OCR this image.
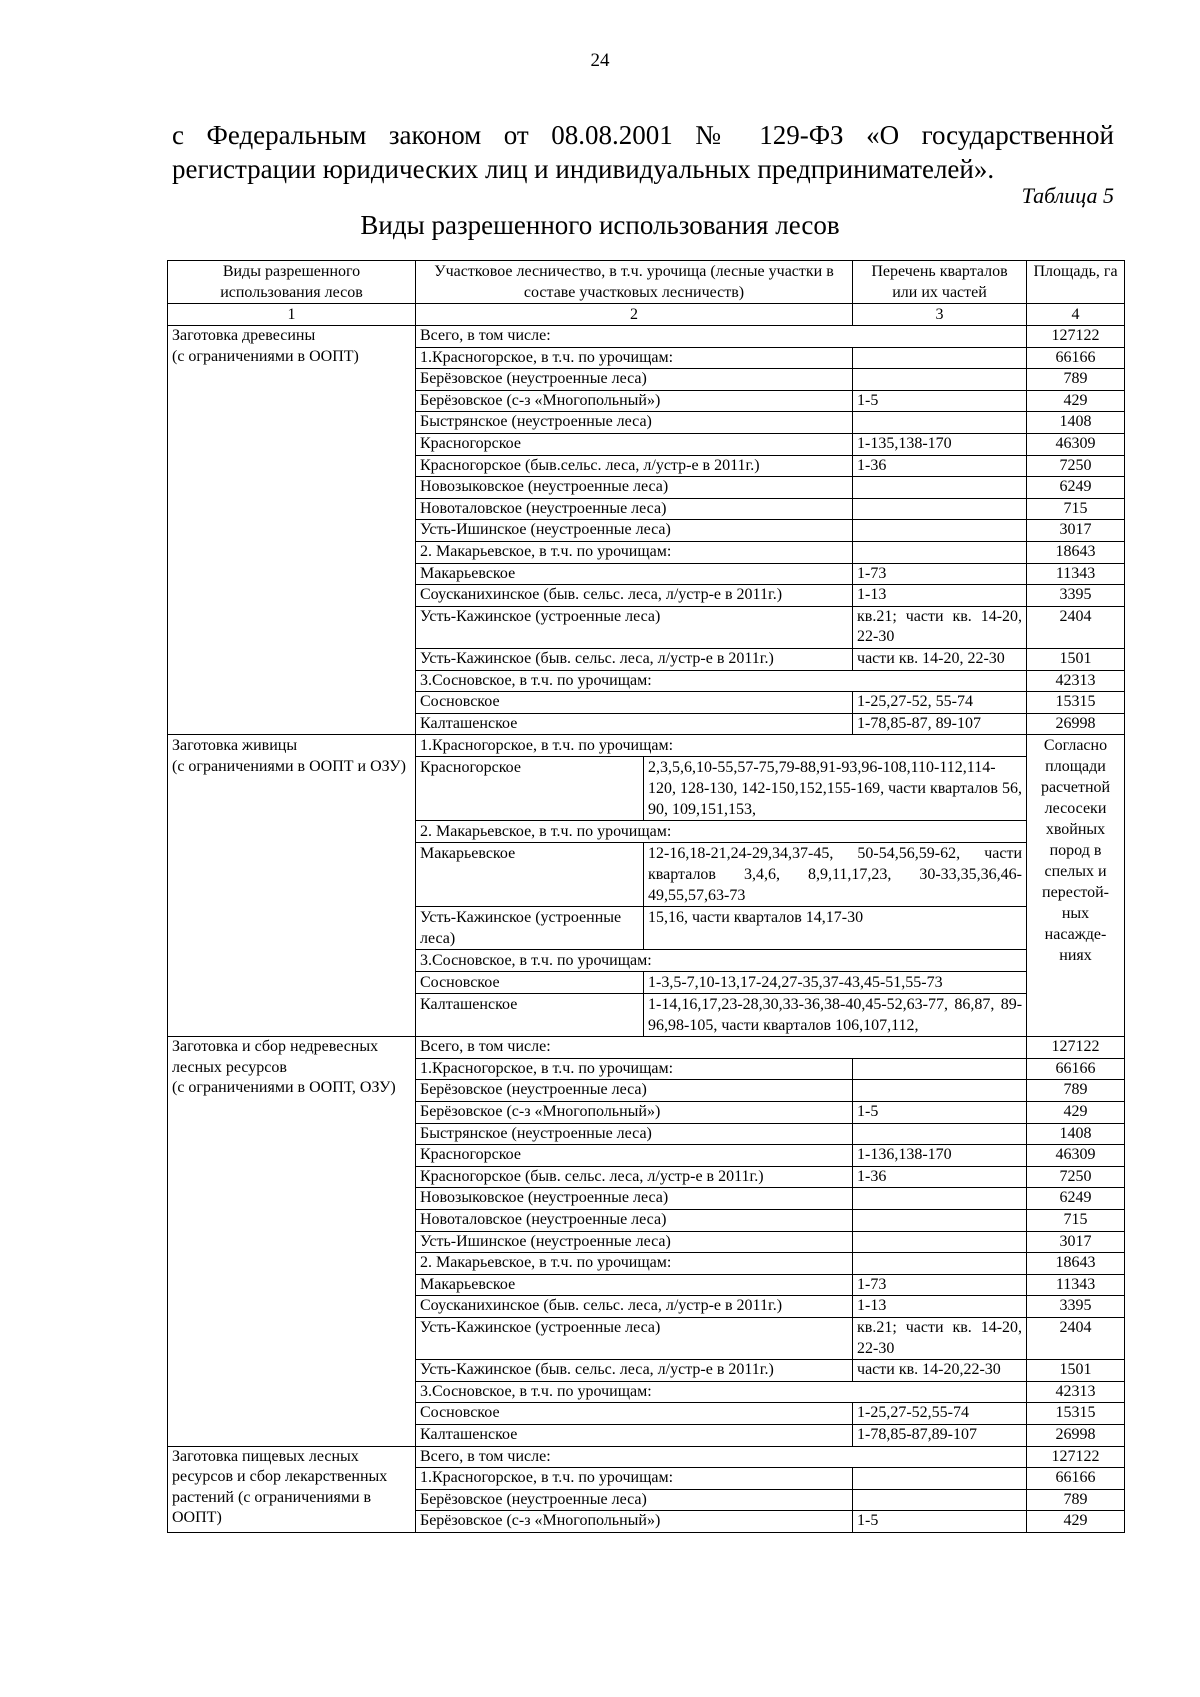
24
с Федеральным законом от 08.08.2001 № 129-ФЗ «О государственной
регистрации юридических лиц и индивидуальных предпринимателей».
Таблица 5
Виды разрешенного использования лесов
Виды разрешенного использования лесов	Участковое лесничество, в т.ч. урочища (лесные участки в составе участковых лесничеств)		Перечень кварталов или их частей	Площадь, га
1	2		3	4
Заготовка древесины
(с ограничениями в ООПТ)	Всего, в том числе:			127122
	1.Красногорское, в т.ч. по урочищам:			66166
	Берёзовское (неустроенные леса)			789
	Берёзовское (с-з «Многопольный»)		1-5	429
	Быстрянское (неустроенные леса)			1408
	Красногорское		1-135,138-170	46309
	Красногорское (быв.сельс. леса, л/устр-е в 2011г.)		1-36	7250
	Новозыковское (неустроенные леса)			6249
	Новоталовское (неустроенные леса)			715
	Усть-Ишинское (неустроенные леса)			3017
	2. Макарьевское, в т.ч. по урочищам:			18643
	Макарьевское		1-73	11343
	Соусканихинское (быв. сельс. леса, л/устр-е в 2011г.)		1-13	3395
	Усть-Кажинское (устроенные леса)		кв.21; части кв. 14-20, 22-30	2404
	Усть-Кажинское (быв. сельс. леса, л/устр-е в 2011г.)		части кв. 14-20, 22-30	1501
	3.Сосновское, в т.ч. по урочищам:			42313
	Сосновское		1-25,27-52, 55-74	15315
	Калташенское		1-78,85-87, 89-107	26998
Заготовка живицы
(с ограничениями в ООПТ и ОЗУ)	1.Красногорское, в т.ч. по урочищам:			Согласно площади расчетной лесосеки хвойных пород в спелых и перестой-ных насажде-ниях
	Красногорское	2,3,5,6,10-55,57-75,79-88,91-93,96-108,110-112,114-120, 128-130, 142-150,152,155-169, части кварталов 56, 90, 109,151,153,		
	2. Макарьевское, в т.ч. по урочищам:			
	Макарьевское	12-16,18-21,24-29,34,37-45, 50-54,56,59-62, части кварталов 3,4,6, 8,9,11,17,23, 30-33,35,36,46-49,55,57,63-73		
	Усть-Кажинское (устроенные леса)	15,16, части кварталов 14,17-30		
	3.Сосновское, в т.ч. по урочищам:			
	Сосновское	1-3,5-7,10-13,17-24,27-35,37-43,45-51,55-73		
	Калташенское	1-14,16,17,23-28,30,33-36,38-40,45-52,63-77, 86,87, 89-96,98-105, части кварталов 106,107,112,		
Заготовка и сбор недревесных лесных ресурсов
(с ограничениями в ООПТ, ОЗУ)	Всего, в том числе:			127122
	1.Красногорское, в т.ч. по урочищам:			66166
	Берёзовское (неустроенные леса)			789
	Берёзовское (с-з «Многопольный»)		1-5	429
	Быстрянское (неустроенные леса)			1408
	Красногорское		1-136,138-170	46309
	Красногорское (быв. сельс. леса, л/устр-е в 2011г.)		1-36	7250
	Новозыковское (неустроенные леса)			6249
	Новоталовское (неустроенные леса)			715
	Усть-Ишинское (неустроенные леса)			3017
	2. Макарьевское, в т.ч. по урочищам:			18643
	Макарьевское		1-73	11343
	Соусканихинское (быв. сельс. леса, л/устр-е в 2011г.)		1-13	3395
	Усть-Кажинское (устроенные леса)		кв.21; части кв. 14-20, 22-30	2404
	Усть-Кажинское (быв. сельс. леса, л/устр-е в 2011г.)		части кв. 14-20,22-30	1501
	3.Сосновское, в т.ч. по урочищам:			42313
	Сосновское		1-25,27-52,55-74	15315
	Калташенское		1-78,85-87,89-107	26998
Заготовка пищевых лесных ресурсов и сбор лекарственных растений (с ограничениями в ООПТ)	Всего, в том числе:			127122
	1.Красногорское, в т.ч. по урочищам:			66166
	Берёзовское (неустроенные леса)			789
	Берёзовское (с-з «Многопольный»)		1-5	429
